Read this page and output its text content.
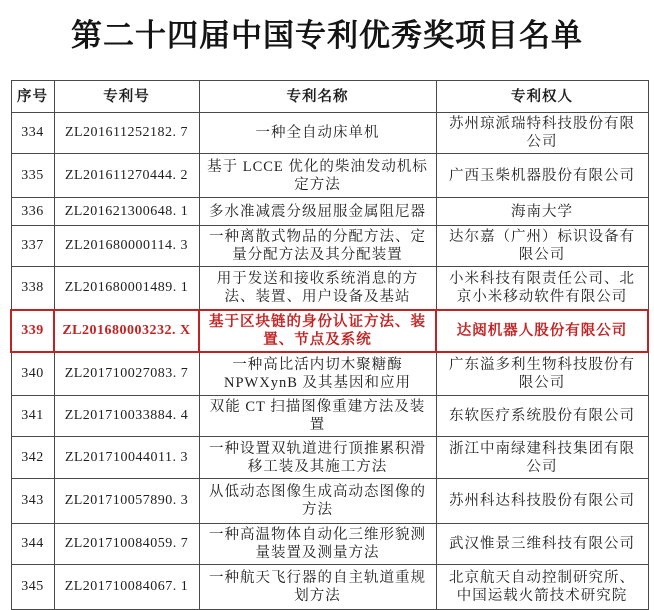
第二十四届中国专利优秀奖项目名单
序号	专利号	专利名称	专利权人
334	ZL201611252182. 7	一种全自动床单机	苏州琼派瑞特科技股份有限公司
335	ZL201611270444. 2	基于 LCCE 优化的柴油发动机标定方法	广西玉柴机器股份有限公司
336	ZL201621300648. 1	多水准减震分级屈服金属阻尼器	海南大学
337	ZL201680000114. 3	一种离散式物品的分配方法、定量分配方法及其分配装置	达尔嘉（广州）标识设备有限公司
338	ZL201680001489. 1	用于发送和接收系统消息的方法、装置、用户设备及基站	小米科技有限责任公司、北京小米移动软件有限公司
339	ZL201680003232. X	基于区块链的身份认证方法、装置、节点及系统	达闼机器人股份有限公司
340	ZL201710027083. 7	一种高比活内切木聚糖酶 NPWXynB 及其基因和应用	广东溢多利生物科技股份有限公司
341	ZL201710033884. 4	双能 CT 扫描图像重建方法及装置	东软医疗系统股份有限公司
342	ZL201710044011. 3	一种设置双轨道进行顶推累积滑移工装及其施工方法	浙江中南绿建科技集团有限公司
343	ZL201710057890. 3	从低动态图像生成高动态图像的方法	苏州科达科技股份有限公司
344	ZL201710084059. 7	一种高温物体自动化三维形貌测量装置及测量方法	武汉惟景三维科技有限公司
345	ZL201710084067. 1	一种航天飞行器的自主轨道重规划方法	北京航天自动控制研究所、中国运载火箭技术研究院
